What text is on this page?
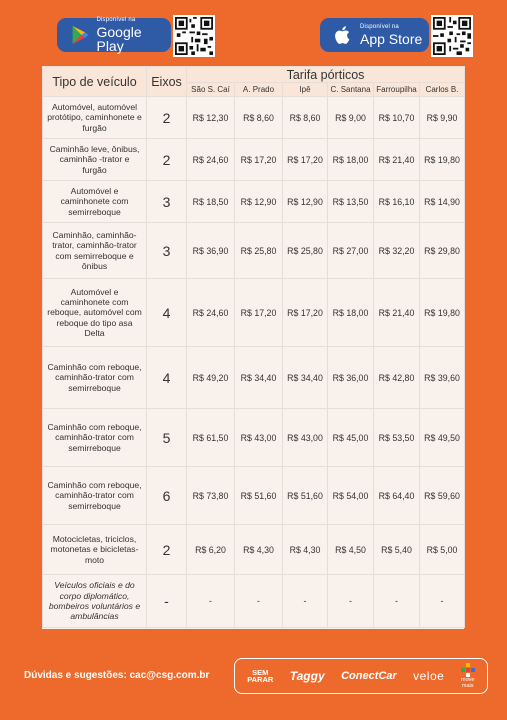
Disponível na
Google Play
Disponível na
App Store
Tipo de veículo	Eixos	Tarifa pórticos					
		São S. Caí	A. Prado	Ipê	C. Santana	Farroupilha	Carlos B.
Automóvel, automóvel protótipo, caminhonete e furgão	2	R$ 12,30	R$ 8,60	R$ 8,60	R$ 9,00	R$ 10,70	R$ 9,90
Caminhão leve, ônibus, caminhão -trator e furgão	2	R$ 24,60	R$ 17,20	R$ 17,20	R$ 18,00	R$ 21,40	R$ 19,80
Automóvel e caminhonete com semirreboque	3	R$ 18,50	R$ 12,90	R$ 12,90	R$ 13,50	R$ 16,10	R$ 14,90
Caminhão, caminhão-trator, caminhão-trator com semirreboque e ônibus	3	R$ 36,90	R$ 25,80	R$ 25,80	R$ 27,00	R$ 32,20	R$ 29,80
Automóvel e caminhonete com reboque, automóvel com reboque do tipo asa Delta	4	R$ 24,60	R$ 17,20	R$ 17,20	R$ 18,00	R$ 21,40	R$ 19,80
Caminhão com reboque, caminhão-trator com semirreboque	4	R$ 49,20	R$ 34,40	R$ 34,40	R$ 36,00	R$ 42,80	R$ 39,60
Caminhão com reboque, caminhão-trator com semirreboque	5	R$ 61,50	R$ 43,00	R$ 43,00	R$ 45,00	R$ 53,50	R$ 49,50
Caminhão com reboque, caminhão-trator com semirreboque	6	R$ 73,80	R$ 51,60	R$ 51,60	R$ 54,00	R$ 64,40	R$ 59,60
Motocicletas, triciclos, motonetas e bicicletas-moto	2	R$ 6,20	R$ 4,30	R$ 4,30	R$ 4,50	R$ 5,40	R$ 5,00
Veículos oficiais e do corpo diplomático, bombeiros voluntários e ambulâncias	-	-	-	-	-	-	-
Dúvidas e sugestões: cac@csg.com.br	SEM
PARAR Taggy ConectCar veloe	move
mais
